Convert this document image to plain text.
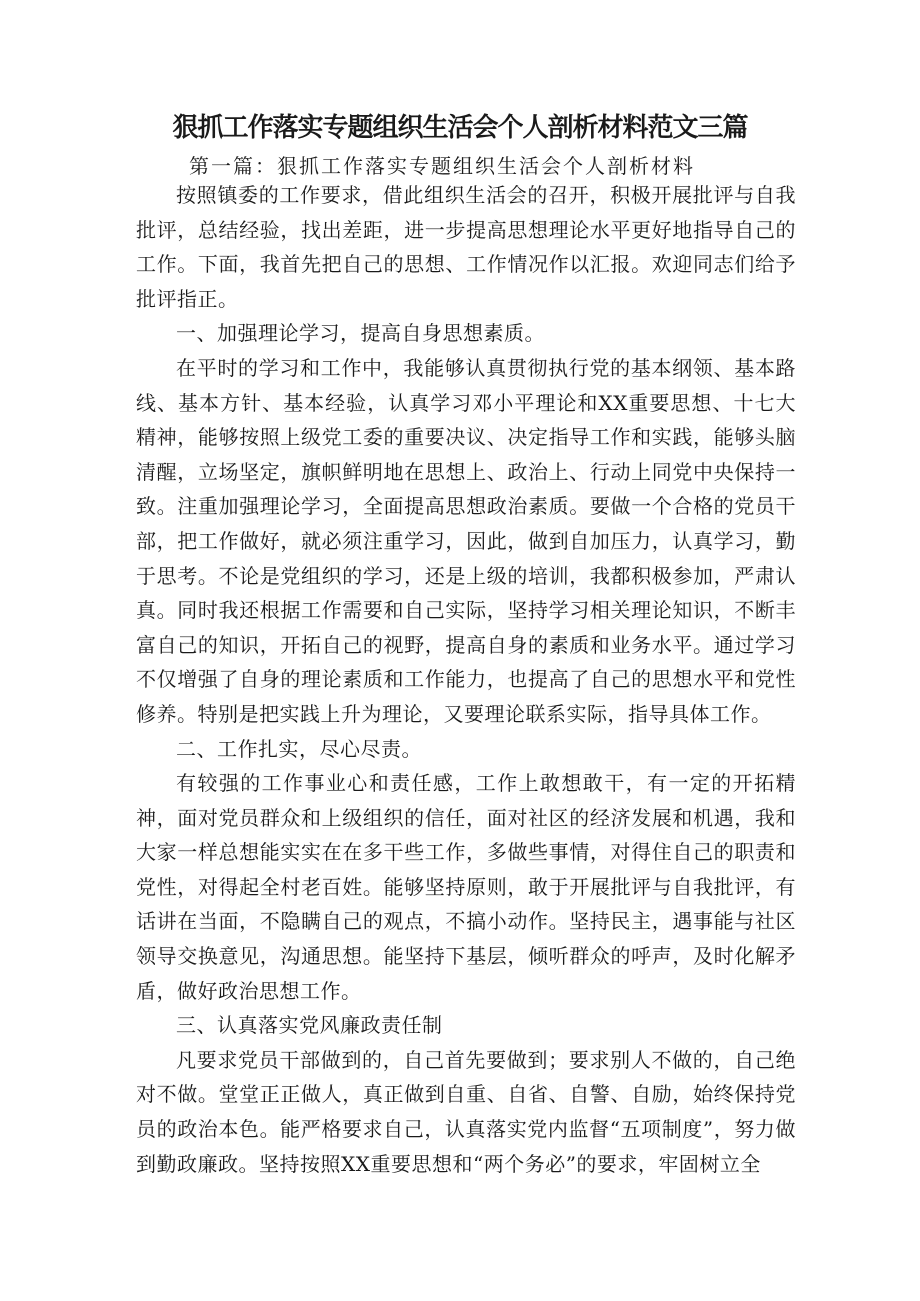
狠抓工作落实专题组织生活会个人剖析材料范文三篇
第一篇：狠抓工作落实专题组织生活会个人剖析材料

按照镇委的工作要求，借此组织生活会的召开，积极开展批评与自我批评，总结经验，找出差距，进一步提高思想理论水平更好地指导自己的工作。下面，我首先把自己的思想、工作情况作以汇报。欢迎同志们给予批评指正。

一、加强理论学习，提高自身思想素质。

在平时的学习和工作中，我能够认真贯彻执行党的基本纲领、基本路线、基本方针、基本经验，认真学习邓小平理论和XX重要思想、十七大精神，能够按照上级党工委的重要决议、决定指导工作和实践，能够头脑清醒，立场坚定，旗帜鲜明地在思想上、政治上、行动上同党中央保持一致。注重加强理论学习，全面提高思想政治素质。要做一个合格的党员干部，把工作做好，就必须注重学习，因此，做到自加压力，认真学习，勤于思考。不论是党组织的学习，还是上级的培训，我都积极参加，严肃认真。同时我还根据工作需要和自己实际，坚持学习相关理论知识，不断丰富自己的知识，开拓自己的视野，提高自身的素质和业务水平。通过学习不仅增强了自身的理论素质和工作能力，也提高了自己的思想水平和党性修养。特别是把实践上升为理论，又要理论联系实际，指导具体工作。

二、工作扎实，尽心尽责。

有较强的工作事业心和责任感，工作上敢想敢干，有一定的开拓精神，面对党员群众和上级组织的信任，面对社区的经济发展和机遇，我和大家一样总想能实实在在多干些工作，多做些事情，对得住自己的职责和党性，对得起全村老百姓。能够坚持原则，敢于开展批评与自我批评，有话讲在当面，不隐瞒自己的观点，不搞小动作。坚持民主，遇事能与社区领导交换意见，沟通思想。能坚持下基层，倾听群众的呼声，及时化解矛盾，做好政治思想工作。

三、认真落实党风廉政责任制

凡要求党员干部做到的，自己首先要做到；要求别人不做的，自己绝对不做。堂堂正正做人，真正做到自重、自省、自警、自励，始终保持党员的政治本色。能严格要求自己，认真落实党内监督“五项制度”，努力做到勤政廉政。坚持按照XX重要思想和“两个务必”的要求，牢固树立全
